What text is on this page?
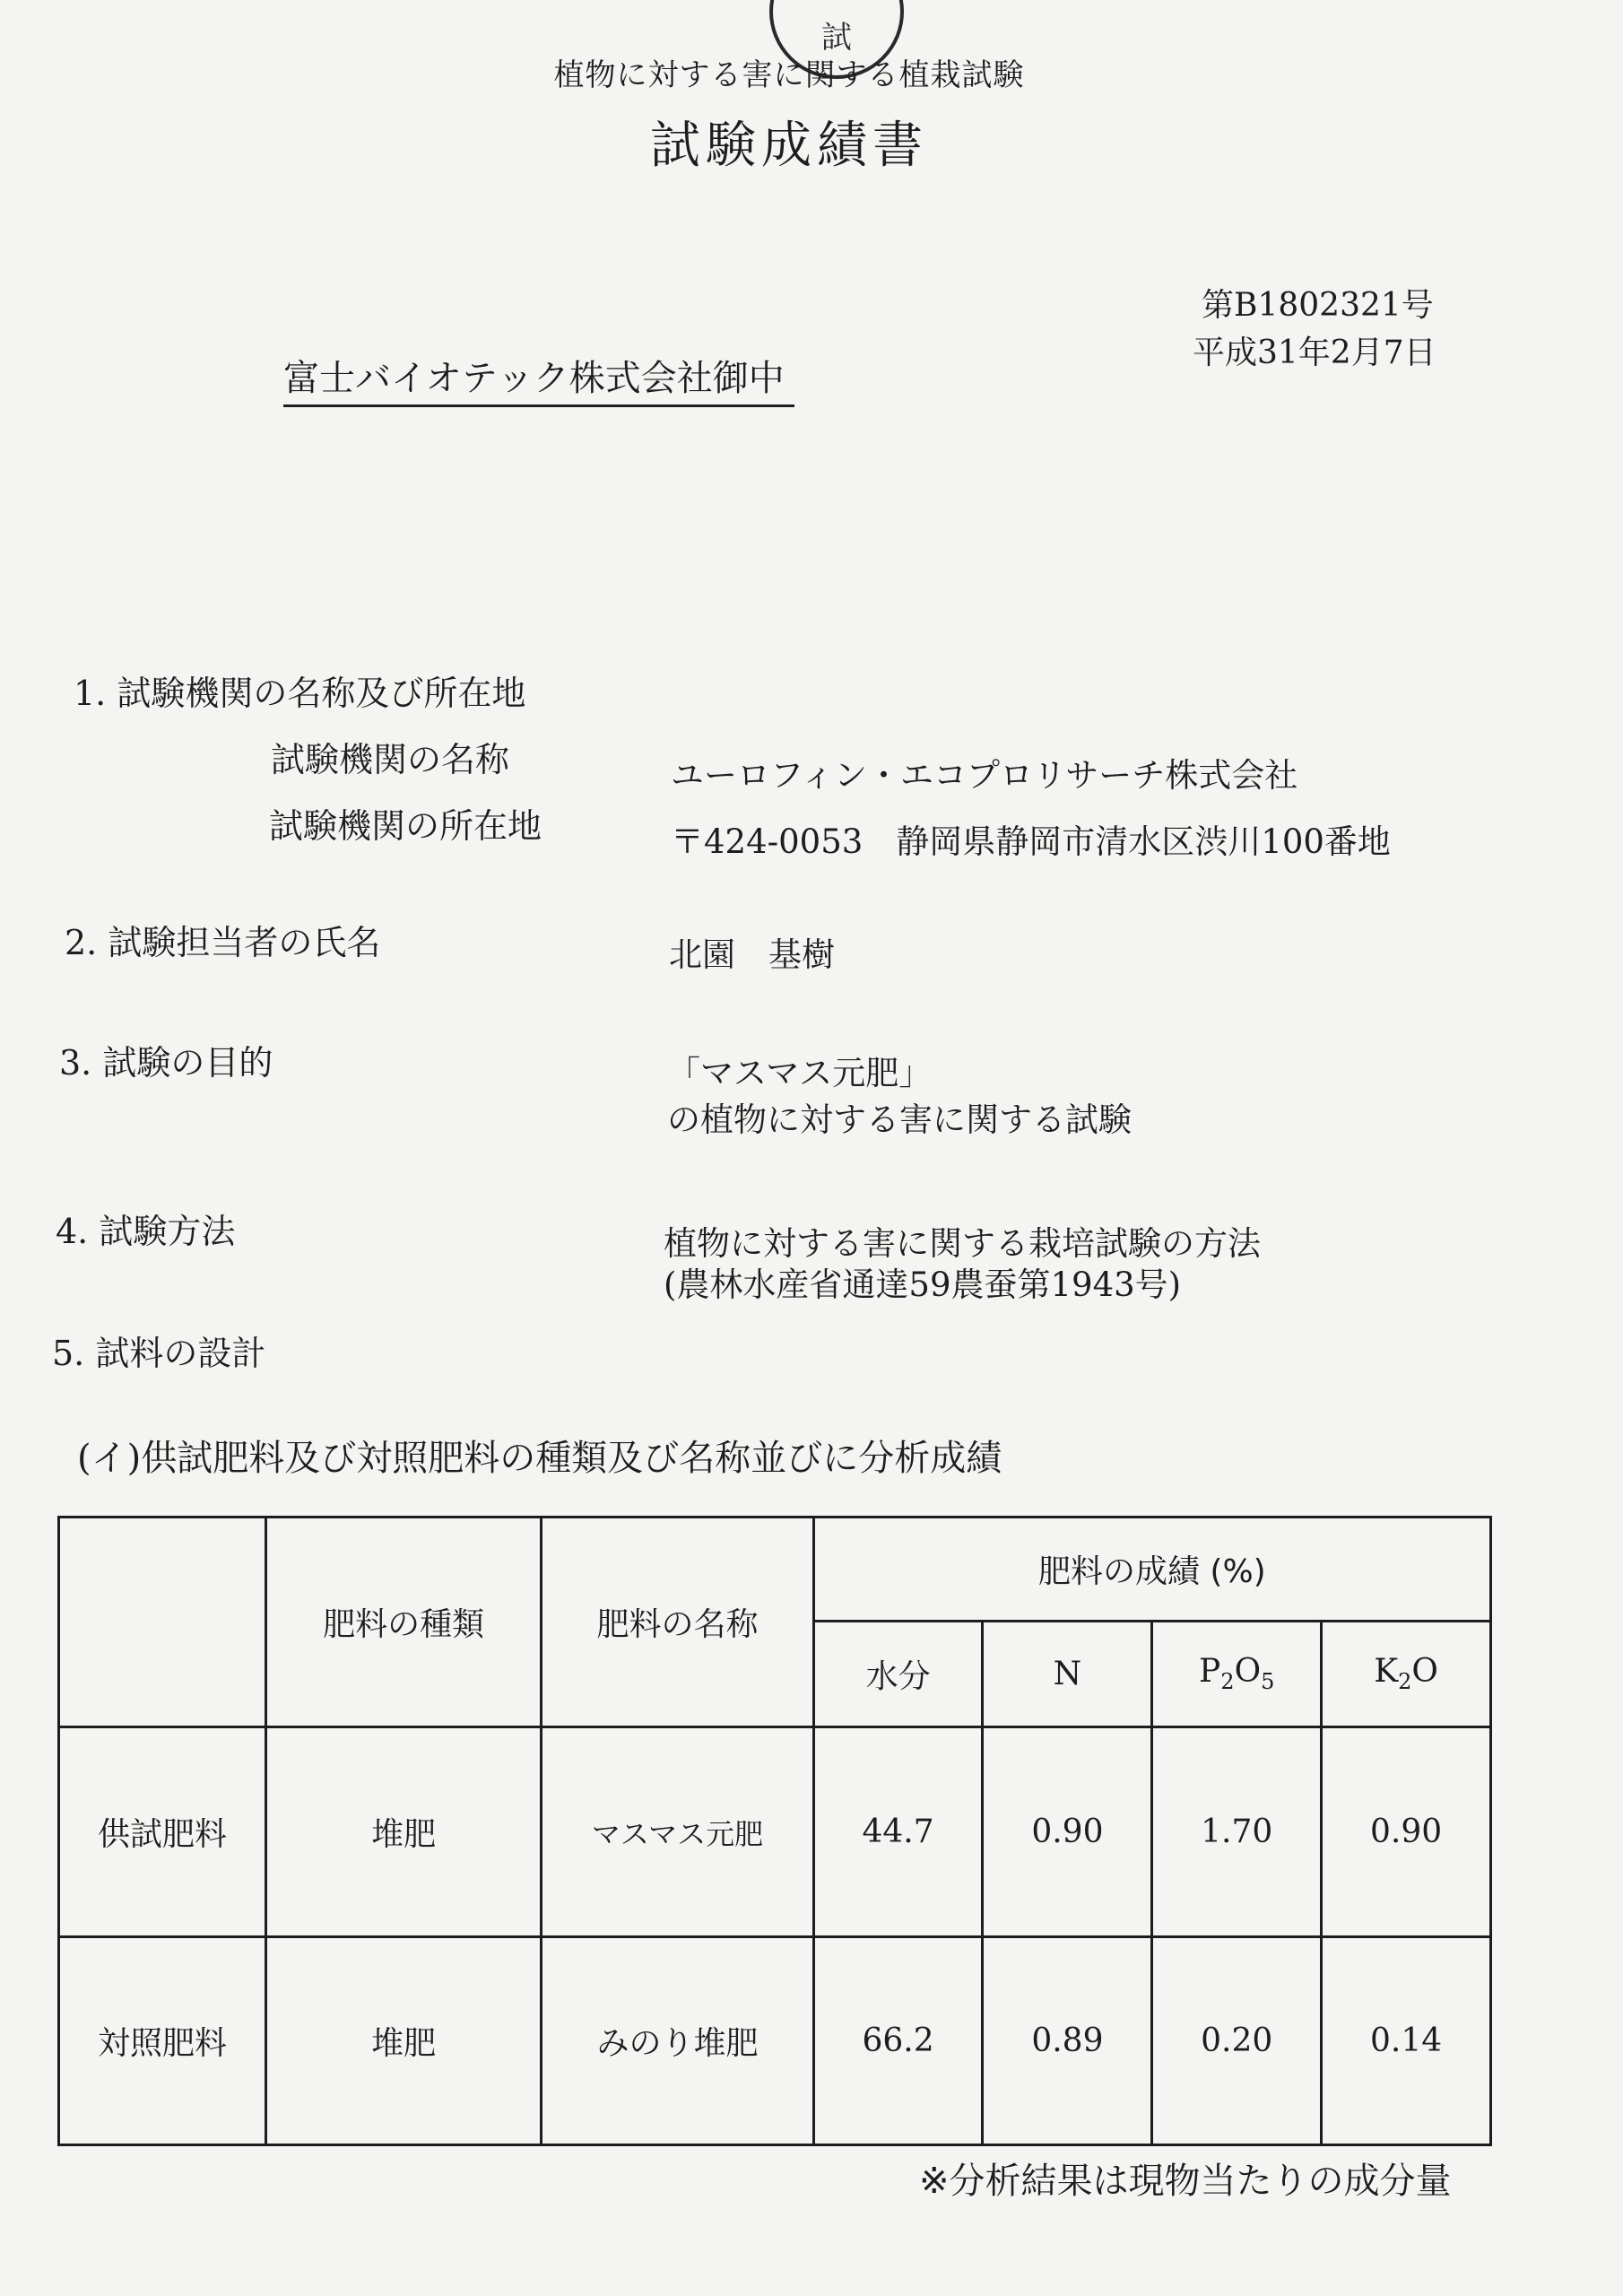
試
植物に対する害に関する植栽試験
試験成績書
第B1802321号
平成31年2月7日
富士バイオテック株式会社御中
1. 試験機関の名称及び所在地
試験機関の名称	ユーロフィン・エコプロリサーチ株式会社
試験機関の所在地	〒424-0053　静岡県静岡市清水区渋川100番地
2. 試験担当者の氏名	北園　基樹
3. 試験の目的	「マスマス元肥」
の植物に対する害に関する試験
4. 試験方法	植物に対する害に関する栽培試験の方法
(農林水産省通達59農蚕第1943号)
5. 試料の設計
(イ)供試肥料及び対照肥料の種類及び名称並びに分析成績
	肥料の種類	肥料の名称	肥料の成績 (%)			
			水分	N	$P_2O_5$	$K_2O$
供試肥料	堆肥	マスマス元肥	44.7	0.90	1.70	0.90
対照肥料	堆肥	みのり堆肥	66.2	0.89	0.20	0.14
※分析結果は現物当たりの成分量
